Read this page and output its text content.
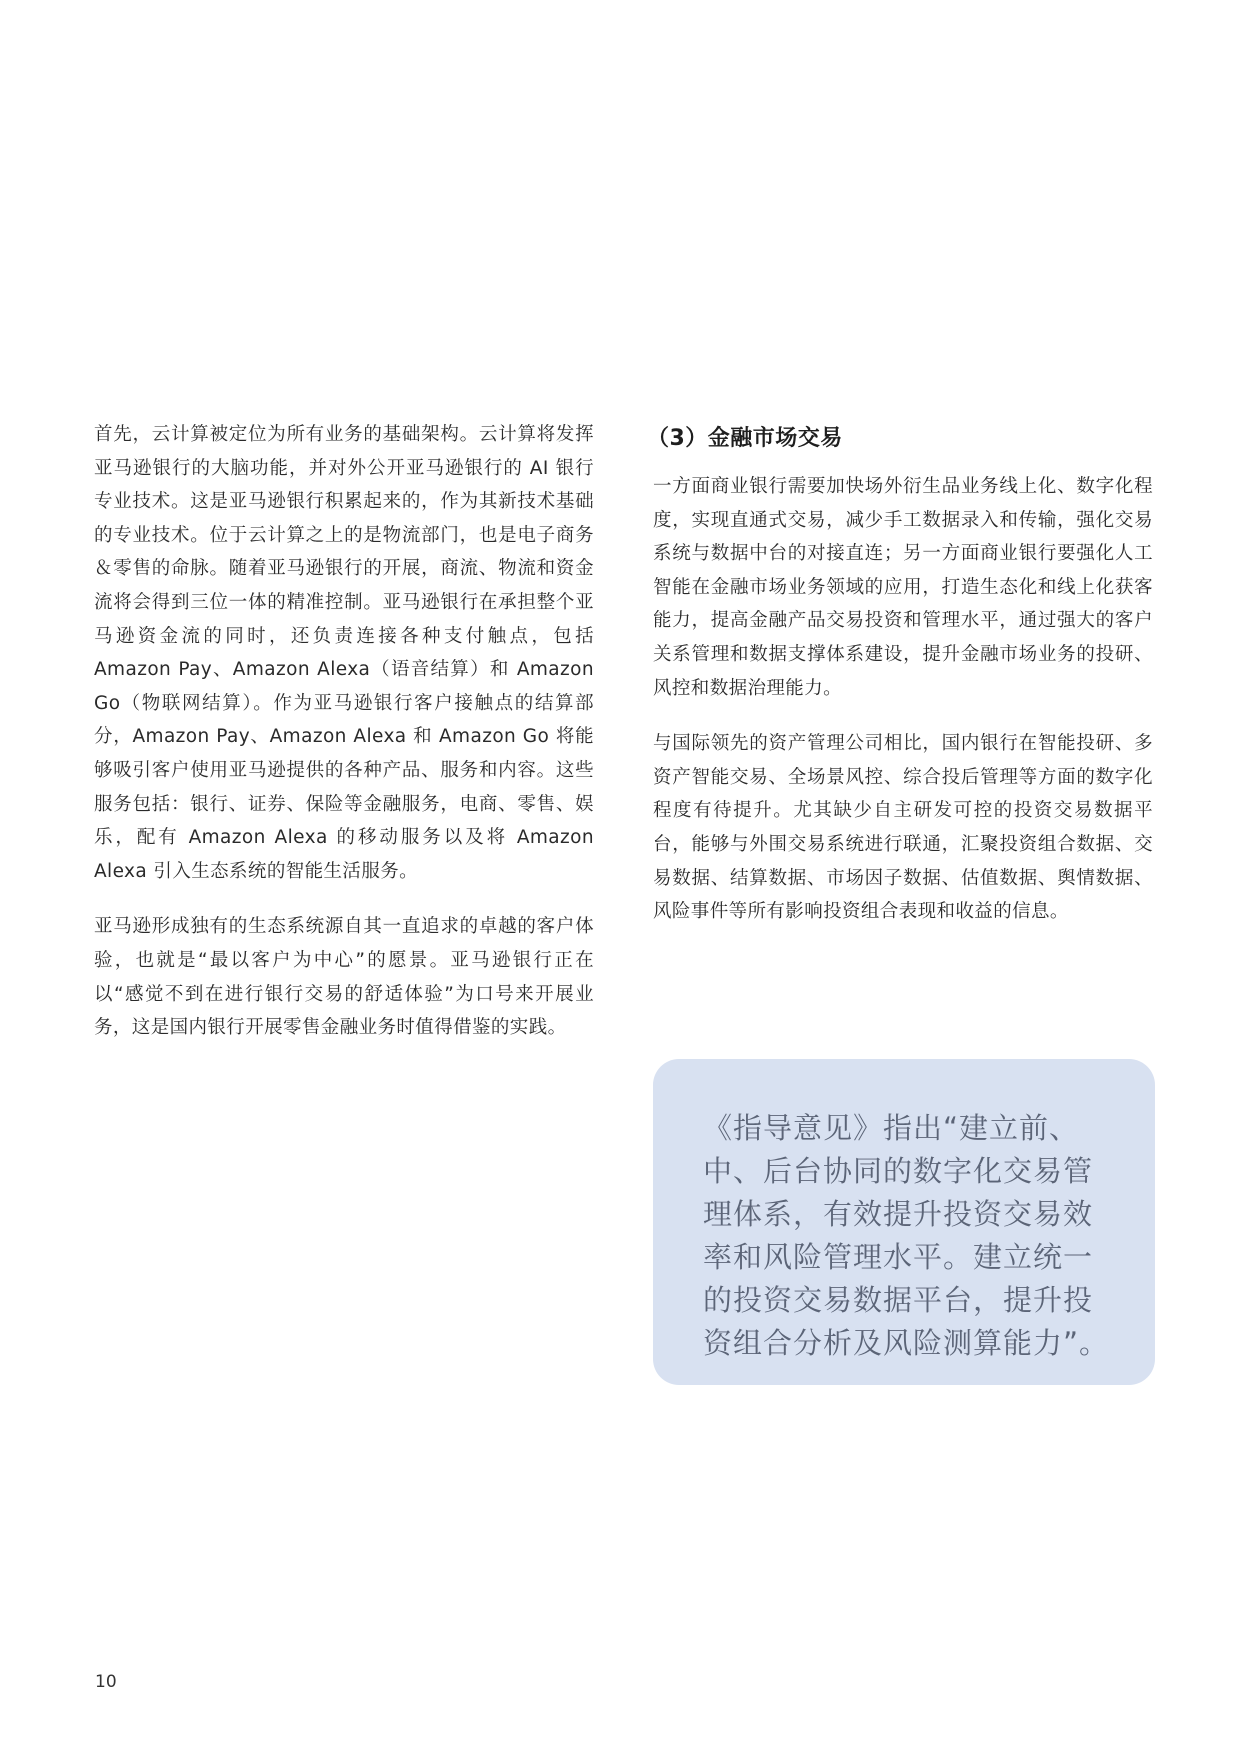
首先，云计算被定位为所有业务的基础架构。云计算将发挥亚马逊银行的大脑功能，并对外公开亚马逊银行的 AI 银行专业技术。这是亚马逊银行积累起来的，作为其新技术基础的专业技术。位于云计算之上的是物流部门，也是电子商务＆零售的命脉。随着亚马逊银行的开展，商流、物流和资金流将会得到三位一体的精准控制。亚马逊银行在承担整个亚马逊资金流的同时，还负责连接各种支付触点，包括 Amazon Pay、Amazon Alexa（语音结算）和 Amazon Go（物联网结算）。作为亚马逊银行客户接触点的结算部分，Amazon Pay、Amazon Alexa 和 Amazon Go 将能够吸引客户使用亚马逊提供的各种产品、服务和内容。这些服务包括：银行、证券、保险等金融服务，电商、零售、娱乐，配有 Amazon Alexa 的移动服务以及将 Amazon Alexa 引入生态系统的智能生活服务。

亚马逊形成独有的生态系统源自其一直追求的卓越的客户体验，也就是“最以客户为中心”的愿景。亚马逊银行正在以“感觉不到在进行银行交易的舒适体验”为口号来开展业务，这是国内银行开展零售金融业务时值得借鉴的实践。

（3）金融市场交易

一方面商业银行需要加快场外衍生品业务线上化、数字化程度，实现直通式交易，减少手工数据录入和传输，强化交易系统与数据中台的对接直连；另一方面商业银行要强化人工智能在金融市场业务领域的应用，打造生态化和线上化获客能力，提高金融产品交易投资和管理水平，通过强大的客户关系管理和数据支撑体系建设，提升金融市场业务的投研、风控和数据治理能力。

与国际领先的资产管理公司相比，国内银行在智能投研、多资产智能交易、全场景风控、综合投后管理等方面的数字化程度有待提升。尤其缺少自主研发可控的投资交易数据平台，能够与外围交易系统进行联通，汇聚投资组合数据、交易数据、结算数据、市场因子数据、估值数据、舆情数据、风险事件等所有影响投资组合表现和收益的信息。

《指导意见》指出“建立前、中、后台协同的数字化交易管理体系，有效提升投资交易效率和风险管理水平。建立统一的投资交易数据平台，提升投资组合分析及风险测算能力”。

10
